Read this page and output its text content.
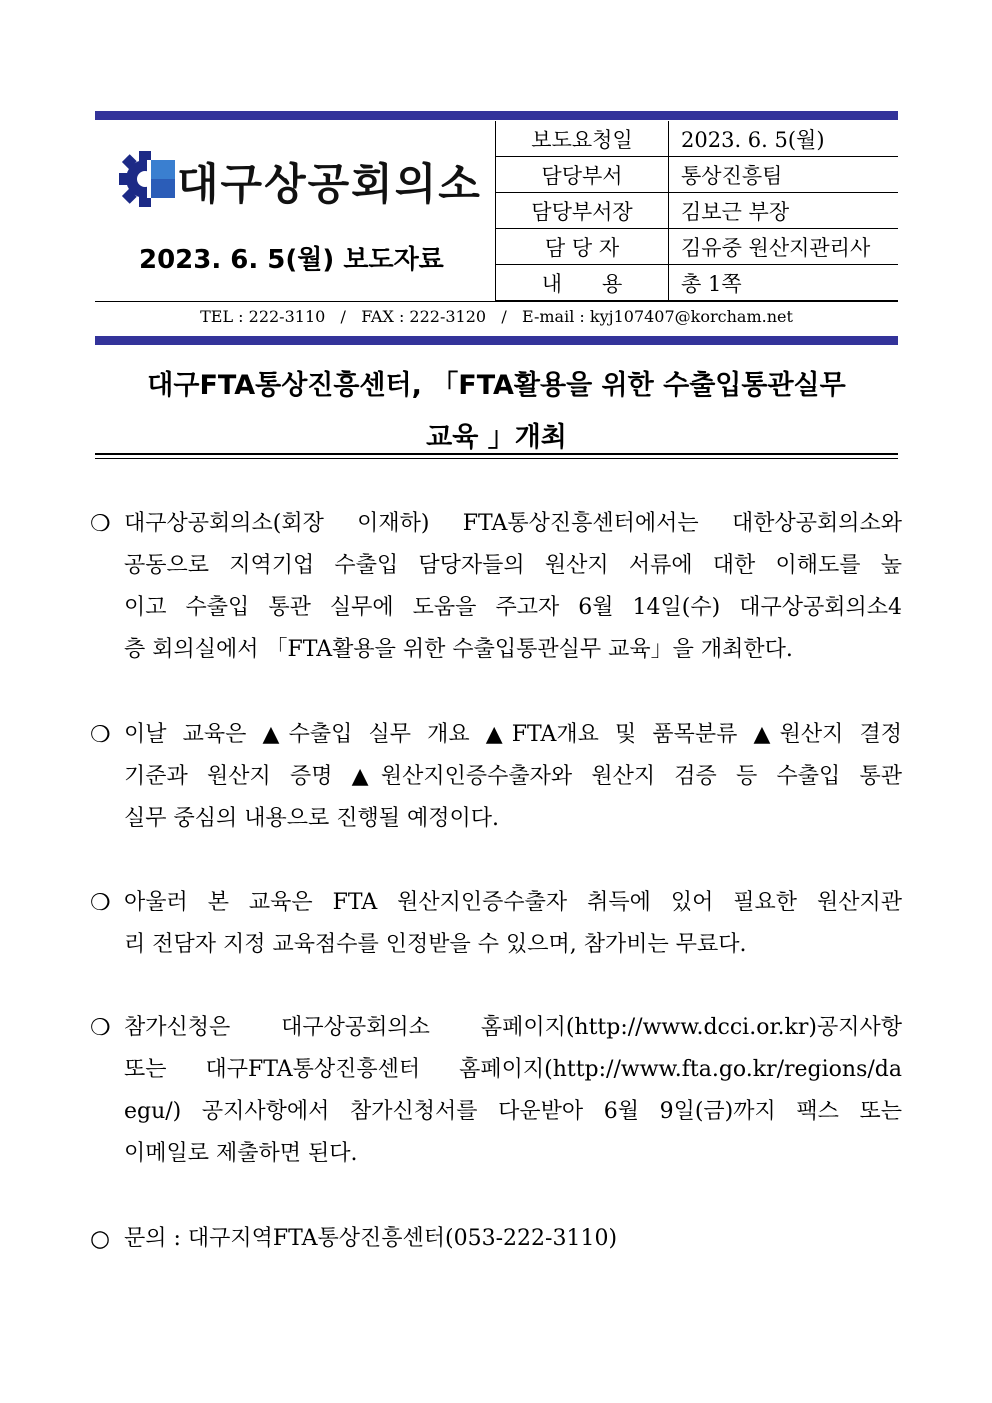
대구상공회의소
2023. 6. 5(월) 보도자료
보도요청일	2023. 6. 5(월)
담당부서	통상진흥팀
담당부서장	김보근 부장
담 당 자	김유중 원산지관리사
내      용	총 1쪽
TEL : 222-3110   /   FAX : 222-3120   /   E-mail : kyj107407@korcham.net
대구FTA통상진흥센터, 「FTA활용을 위한 수출입통관실무
교육 」개최
❍ 대구상공회의소(회장 이재하) FTA통상진흥센터에서는 대한상공회의소와
공동으로 지역기업 수출입 담당자들의 원산지 서류에 대한 이해도를 높
이고 수출입 통관 실무에 도움을 주고자 6월 14일(수) 대구상공회의소4
층 회의실에서 「FTA활용을 위한 수출입통관실무 교육」을 개최한다.
❍ 이날 교육은 ▲수출입 실무 개요 ▲FTA개요 및 품목분류 ▲원산지 결정
기준과 원산지 증명 ▲원산지인증수출자와 원산지 검증 등 수출입 통관
실무 중심의 내용으로 진행될 예정이다.
❍ 아울러 본 교육은 FTA 원산지인증수출자 취득에 있어 필요한 원산지관
리 전담자 지정 교육점수를 인정받을 수 있으며, 참가비는 무료다.
❍ 참가신청은 대구상공회의소 홈페이지(http://www.dcci.or.kr)공지사항
또는 대구FTA통상진흥센터 홈페이지(http://www.fta.go.kr/regions/da
egu/) 공지사항에서 참가신청서를 다운받아 6월 9일(금)까지 팩스 또는
이메일로 제출하면 된다.
○ 문의 : 대구지역FTA통상진흥센터(053-222-3110)
